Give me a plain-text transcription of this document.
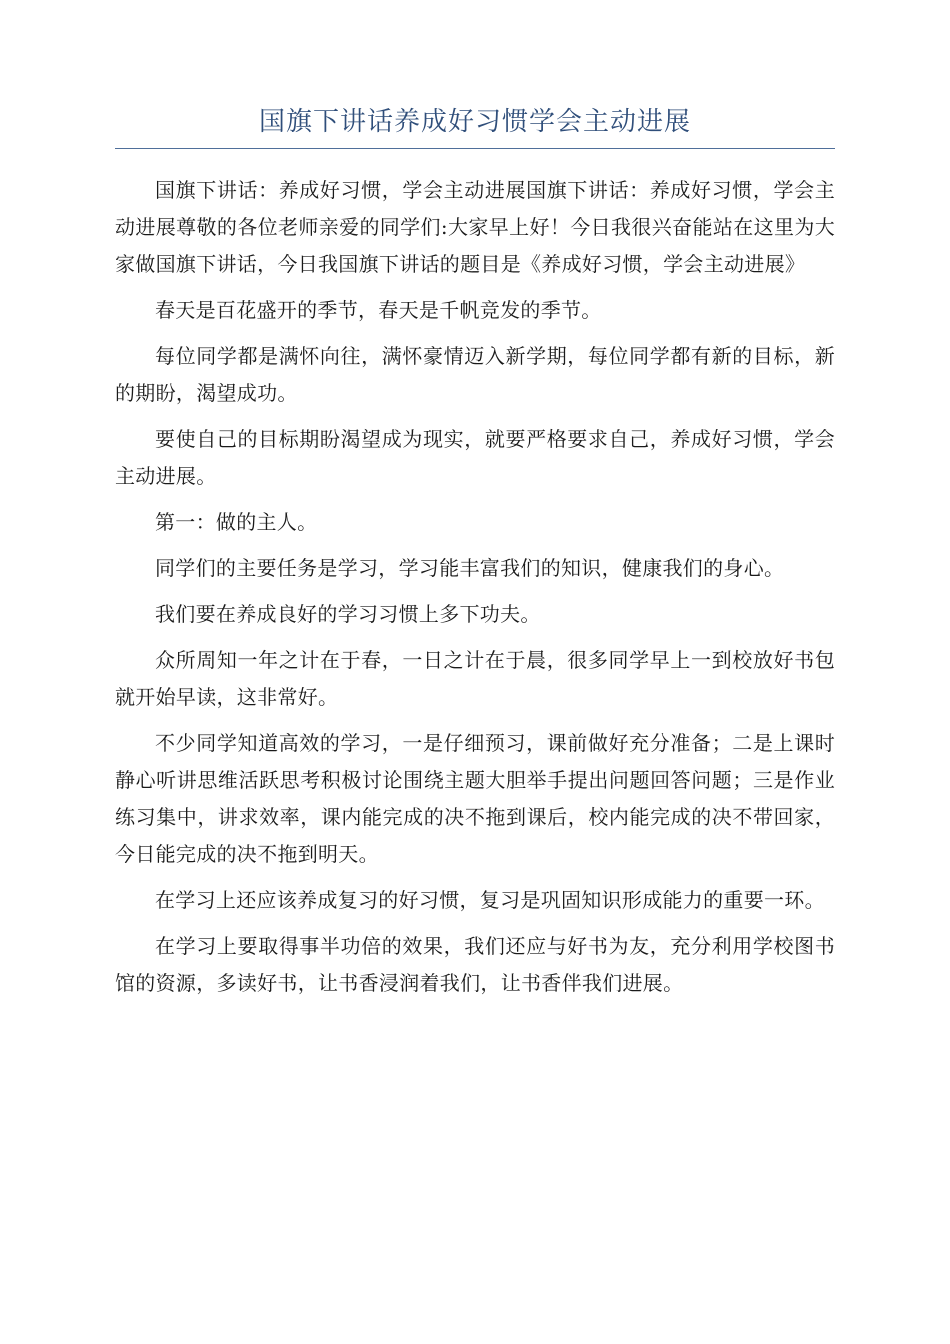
国旗下讲话养成好习惯学会主动进展

国旗下讲话：养成好习惯，学会主动进展国旗下讲话：养成好习惯，学会主动进展尊敬的各位老师亲爱的同学们:大家早上好！今日我很兴奋能站在这里为大家做国旗下讲话，今日我国旗下讲话的题目是《养成好习惯，学会主动进展》

春天是百花盛开的季节，春天是千帆竞发的季节。

每位同学都是满怀向往，满怀豪情迈入新学期，每位同学都有新的目标，新的期盼，渴望成功。

要使自己的目标期盼渴望成为现实，就要严格要求自己，养成好习惯，学会主动进展。

第一：做的主人。

同学们的主要任务是学习，学习能丰富我们的知识，健康我们的身心。

我们要在养成良好的学习习惯上多下功夫。

众所周知一年之计在于春，一日之计在于晨，很多同学早上一到校放好书包就开始早读，这非常好。

不少同学知道高效的学习，一是仔细预习，课前做好充分准备；二是上课时静心听讲思维活跃思考积极讨论围绕主题大胆举手提出问题回答问题；三是作业练习集中，讲求效率，课内能完成的决不拖到课后，校内能完成的决不带回家，今日能完成的决不拖到明天。

在学习上还应该养成复习的好习惯，复习是巩固知识形成能力的重要一环。

在学习上要取得事半功倍的效果，我们还应与好书为友，充分利用学校图书馆的资源，多读好书，让书香浸润着我们，让书香伴我们进展。
